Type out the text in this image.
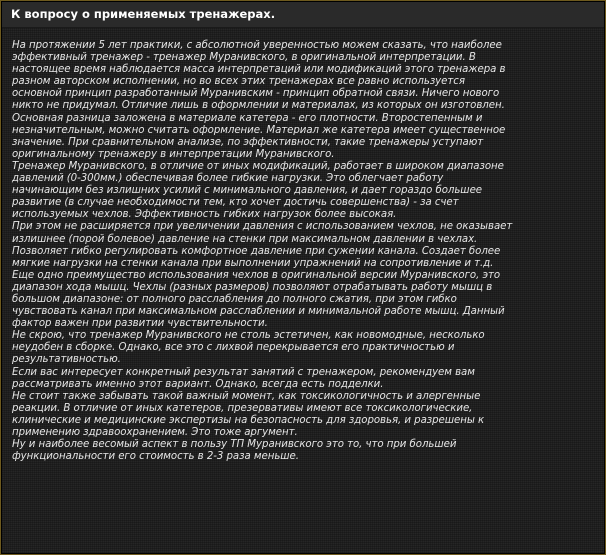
К вопросу о применяемых тренажерах.
На протяжении 5 лет практики, с абсолютной уверенностью можем сказать, что наиболее
эффективный тренажер - тренажер Муранивского, в оригинальной интерпретации. В
настоящее время наблюдается масса интерпретаций или модификаций этого тренажера в
разном авторском исполнении, но во всех этих тренажерах все равно используется
основной принцип разработанный Муранивским - принцип обратной связи. Ничего нового
никто не придумал. Отличие лишь в оформлении и материалах, из которых он изготовлен.
Основная разница заложена в материале катетера - его плотности. Второстепенным и
незначительным, можно считать оформление. Материал же катетера имеет существенное
значение. При сравнительном анализе, по эффективности, такие тренажеры уступают
оригинальному тренажеру в интерпретации Муранивского.
Тренажер Муранивского, в отличие от иных модификаций, работает в широком диапазоне
давлений (0-300мм.) обеспечивая более гибкие нагрузки. Это облегчает работу
начинающим без излишних усилий с минимального давления, и дает гораздо большее
развитие (в случае необходимости тем, кто хочет достичь совершенства) - за счет
используемых чехлов. Эффективность гибких нагрузок более высокая.
При этом не расширяется при увеличении давления с использованием чехлов, не оказывает
излишнее (порой болевое) давление на стенки при максимальном давлении в чехлах.
Позволяет гибко регулировать комфортное давление при сужении канала. Создает более
мягкие нагрузки на стенки канала при выполнении упражнений на сопротивление и т.д.
Еще одно преимущество использования чехлов в оригинальной версии Муранивского, это
диапазон хода мышц. Чехлы (разных размеров) позволяют отрабатывать работу мышц в
большом диапазоне: от полного расслабления до полного сжатия, при этом гибко
чувствовать канал при максимальном расслаблении и минимальной работе мышц. Данный
фактор важен при развитии чувствительности.
Не скрою, что тренажер Муранивского не столь эстетичен, как новомодные, несколько
неудобен в сборке. Однако, все это с лихвой перекрывается его практичностью и
результативностью.
Если вас интересует конкретный результат занятий с тренажером, рекомендуем вам
рассматривать именно этот вариант. Однако, всегда есть подделки.
Не стоит также забывать такой важный момент, как токсикологичность и алергенные
реакции. В отличие от иных катетеров, презервативы имеют все токсикологические,
клинические и медицинские экспертизы на безопасность для здоровья, и разрешены к
применению здравоохранением. Это тоже аргумент.
Ну и наиболее весомый аспект в пользу ТП Муранивского это то, что при большей
функциональности его стоимость в 2-3 раза меньше.
